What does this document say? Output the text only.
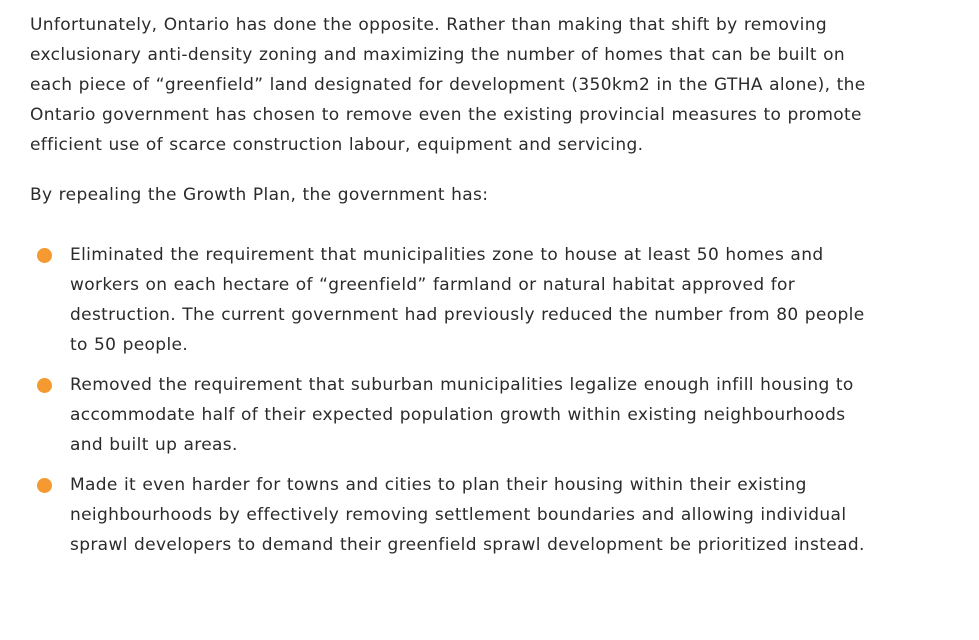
Unfortunately, Ontario has done the opposite. Rather than making that shift by removing exclusionary anti-density zoning and maximizing the number of homes that can be built on each piece of “greenfield” land designated for development (350km2 in the GTHA alone), the Ontario government has chosen to remove even the existing provincial measures to promote efficient use of scarce construction labour, equipment and servicing.

By repealing the Growth Plan, the government has:

Eliminated the requirement that municipalities zone to house at least 50 homes and workers on each hectare of “greenfield” farmland or natural habitat approved for destruction. The current government had previously reduced the number from 80 people to 50 people.
Removed the requirement that suburban municipalities legalize enough infill housing to accommodate half of their expected population growth within existing neighbourhoods and built up areas.
Made it even harder for towns and cities to plan their housing within their existing neighbourhoods by effectively removing settlement boundaries and allowing individual sprawl developers to demand their greenfield sprawl development be prioritized instead.
